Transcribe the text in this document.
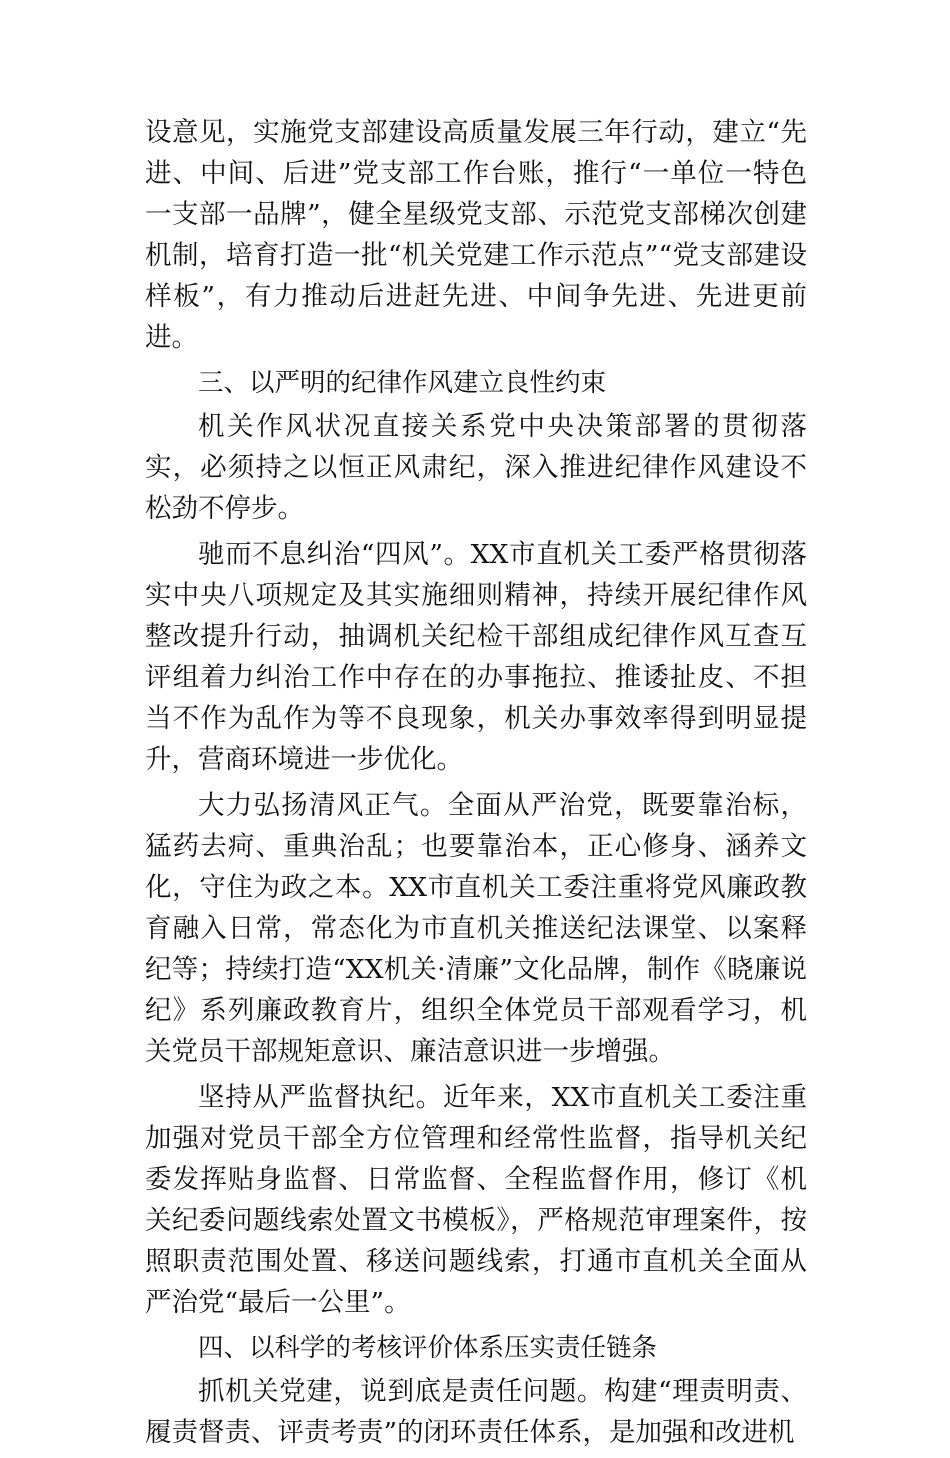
设意见，实施党支部建设高质量发展三年行动，建立“先进、中间、后进”党支部工作台账，推行“一单位一特色一支部一品牌”，健全星级党支部、示范党支部梯次创建机制，培育打造一批“机关党建工作示范点”“党支部建设样板”，有力推动后进赶先进、中间争先进、先进更前进。

三、以严明的纪律作风建立良性约束

机关作风状况直接关系党中央决策部署的贯彻落实，必须持之以恒正风肃纪，深入推进纪律作风建设不松劲不停步。

驰而不息纠治“四风”。XX市直机关工委严格贯彻落实中央八项规定及其实施细则精神，持续开展纪律作风整改提升行动，抽调机关纪检干部组成纪律作风互查互评组着力纠治工作中存在的办事拖拉、推诿扯皮、不担当不作为乱作为等不良现象，机关办事效率得到明显提升，营商环境进一步优化。

大力弘扬清风正气。全面从严治党，既要靠治标，猛药去疴、重典治乱；也要靠治本，正心修身、涵养文化，守住为政之本。XX市直机关工委注重将党风廉政教育融入日常，常态化为市直机关推送纪法课堂、以案释纪等；持续打造“XX机关·清廉”文化品牌，制作《晓廉说纪》系列廉政教育片，组织全体党员干部观看学习，机关党员干部规矩意识、廉洁意识进一步增强。

坚持从严监督执纪。近年来，XX市直机关工委注重加强对党员干部全方位管理和经常性监督，指导机关纪委发挥贴身监督、日常监督、全程监督作用，修订《机关纪委问题线索处置文书模板》，严格规范审理案件，按照职责范围处置、移送问题线索，打通市直机关全面从严治党“最后一公里”。

四、以科学的考核评价体系压实责任链条

抓机关党建，说到底是责任问题。构建“理责明责、履责督责、评责考责”的闭环责任体系，是加强和改进机
